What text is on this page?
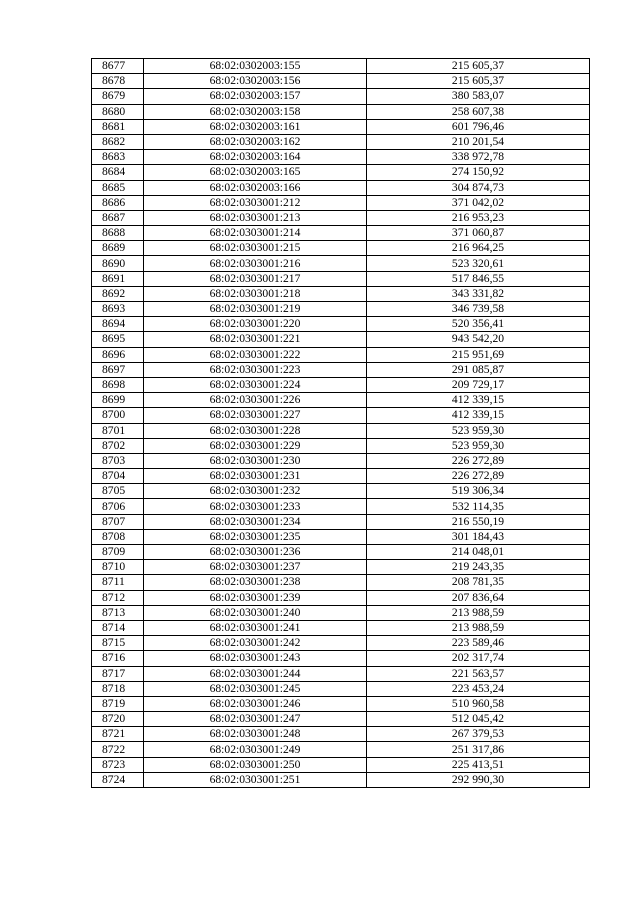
8677	68:02:0302003:155	215 605,37
8678	68:02:0302003:156	215 605,37
8679	68:02:0302003:157	380 583,07
8680	68:02:0302003:158	258 607,38
8681	68:02:0302003:161	601 796,46
8682	68:02:0302003:162	210 201,54
8683	68:02:0302003:164	338 972,78
8684	68:02:0302003:165	274 150,92
8685	68:02:0302003:166	304 874,73
8686	68:02:0303001:212	371 042,02
8687	68:02:0303001:213	216 953,23
8688	68:02:0303001:214	371 060,87
8689	68:02:0303001:215	216 964,25
8690	68:02:0303001:216	523 320,61
8691	68:02:0303001:217	517 846,55
8692	68:02:0303001:218	343 331,82
8693	68:02:0303001:219	346 739,58
8694	68:02:0303001:220	520 356,41
8695	68:02:0303001:221	943 542,20
8696	68:02:0303001:222	215 951,69
8697	68:02:0303001:223	291 085,87
8698	68:02:0303001:224	209 729,17
8699	68:02:0303001:226	412 339,15
8700	68:02:0303001:227	412 339,15
8701	68:02:0303001:228	523 959,30
8702	68:02:0303001:229	523 959,30
8703	68:02:0303001:230	226 272,89
8704	68:02:0303001:231	226 272,89
8705	68:02:0303001:232	519 306,34
8706	68:02:0303001:233	532 114,35
8707	68:02:0303001:234	216 550,19
8708	68:02:0303001:235	301 184,43
8709	68:02:0303001:236	214 048,01
8710	68:02:0303001:237	219 243,35
8711	68:02:0303001:238	208 781,35
8712	68:02:0303001:239	207 836,64
8713	68:02:0303001:240	213 988,59
8714	68:02:0303001:241	213 988,59
8715	68:02:0303001:242	223 589,46
8716	68:02:0303001:243	202 317,74
8717	68:02:0303001:244	221 563,57
8718	68:02:0303001:245	223 453,24
8719	68:02:0303001:246	510 960,58
8720	68:02:0303001:247	512 045,42
8721	68:02:0303001:248	267 379,53
8722	68:02:0303001:249	251 317,86
8723	68:02:0303001:250	225 413,51
8724	68:02:0303001:251	292 990,30
